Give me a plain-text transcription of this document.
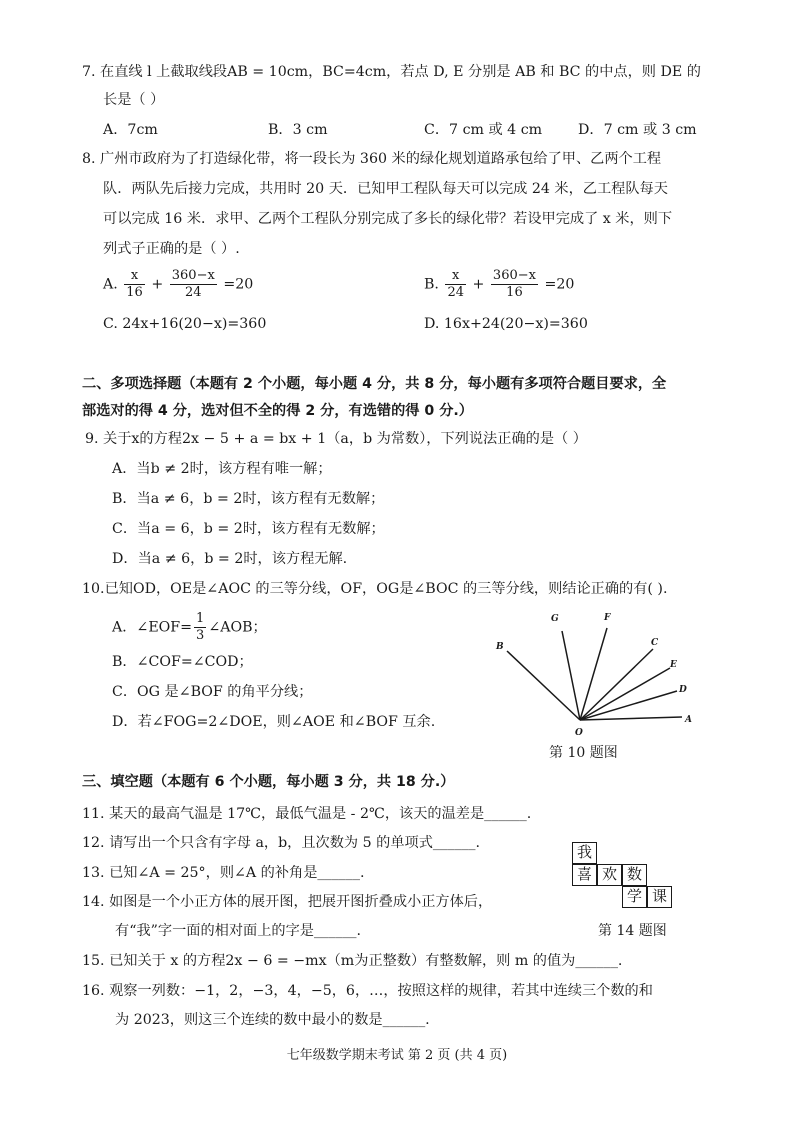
7. 在直线 l 上截取线段AB = 10cm，BC=4cm，若点 D, E 分别是 AB 和 BC 的中点，则 DE 的
长是（ ）
A．7cm	B．3 cm	C．7 cm 或 4 cm	D．7 cm 或 3 cm
8. 广州市政府为了打造绿化带，将一段长为 360 米的绿化规划道路承包给了甲、乙两个工程
队．两队先后接力完成，共用时 20 天．已知甲工程队每天可以完成 24 米，乙工程队每天
可以完成 16 米．求甲、乙两个工程队分别完成了多长的绿化带？若设甲完成了 x 米，则下
列式子正确的是（ ）.
A. $\frac{x}{16} + \frac{360-x}{24} =20$	B. $\frac{x}{24} + \frac{360-x}{16} =20$
C. 24x+16(20−x)=360	D. 16x+24(20−x)=360
二、多项选择题（本题有 2 个小题，每小题 4 分，共 8 分，每小题有多项符合题目要求，全
部选对的得 4 分，选对但不全的得 2 分，有选错的得 0 分.）
9. 关于x的方程2x − 5 + a = bx + 1（a，b 为常数），下列说法正确的是（ ）
A．当b ≠ 2时，该方程有唯一解；
B．当a ≠ 6，b = 2时，该方程有无数解；
C．当a = 6，b = 2时，该方程有无数解；
D．当a ≠ 6，b = 2时，该方程无解.
10.已知OD，OE是∠AOC 的三等分线，OF，OG是∠BOC 的三等分线，则结论正确的有( ).
A．∠EOF= $\frac{1}{3}$ ∠AOB；
B．∠COF=∠COD；
C．OG 是∠BOF 的角平分线；
D．若∠FOG=2∠DOE，则∠AOE 和∠BOF 互余.
B
G	F
C
E
D
A
O
第 10 题图
三、填空题（本题有 6 个小题，每小题 3 分，共 18 分.）
11. 某天的最高气温是 17℃，最低气温是 - 2℃，该天的温差是______.
12. 请写出一个只含有字母 a，b，且次数为 5 的单项式______.
13. 已知∠A = 25°，则∠A 的补角是______.
14. 如图是一个小正方体的展开图，把展开图折叠成小正方体后，
有“我”字一面的相对面上的字是______.
我
喜 欢 数
学 课
第 14 题图
15. 已知关于 x 的方程2x − 6 = −mx（m为正整数）有整数解，则 m 的值为______.
16. 观察一列数：−1，2，−3，4，−5，6，…，按照这样的规律，若其中连续三个数的和
为 2023，则这三个连续的数中最小的数是______.
七年级数学期末考试 第 2 页 (共 4 页)
